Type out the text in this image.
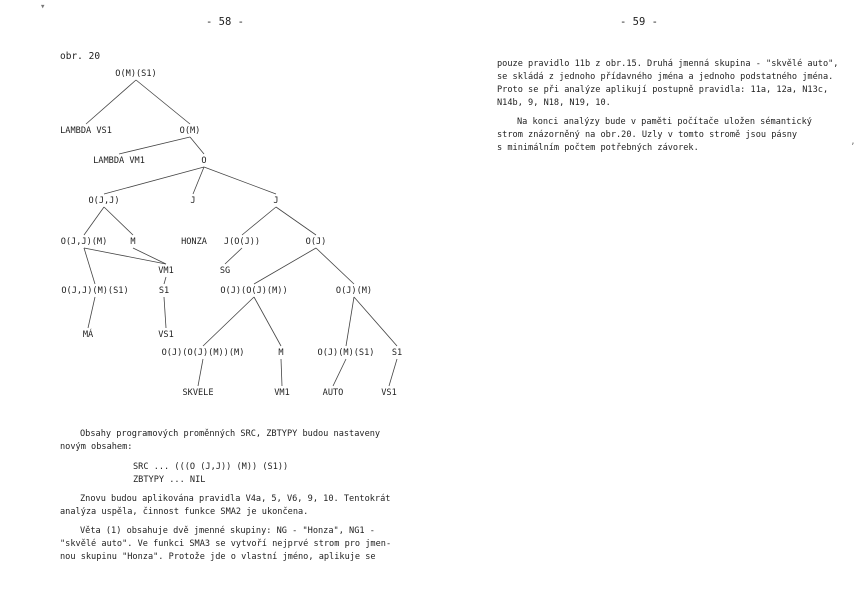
- 58 -
obr. 20
O(M)(S1)
LAMBDA VS1	O(M)
LAMBDA VM1	O
O(J,J)	J	J
O(J,J)(M)	M	HONZA J(O(J))	O(J)
VM1	SG
O(J,J)(M)(S1)	S1	O(J)(O(J)(M))	O(J)(M)
MÁ	VS1
O(J)(O(J)(M))(M)	M	O(J)(M)(S1) S1
SKVELE	VM1	AUTO	VS1
Obsahy programových proměnných SRC, ZBTYPY budou nastaveny
novým obsahem:
SRC ... (((O (J,J)) (M)) (S1))
ZBTYPY ... NIL
Znovu budou aplikována pravidla V4a, 5, V6, 9, 10. Tentokrát
analýza uspěla, činnost funkce SMA2 je ukončena.
Věta (1) obsahuje dvě jmenné skupiny: NG - "Honza", NG1 -
"skvělé auto". Ve funkci SMA3 se vytvoří nejprvé strom pro jmen-
nou skupinu "Honza". Protože jde o vlastní jméno, aplikuje se
▾
- 59 -
pouze pravidlo 11b z obr.15. Druhá jmenná skupina - "skvělé auto",
se skládá z jednoho přídavného jména a jednoho podstatného jména.
Proto se při analýze aplikují postupně pravidla: 11a, 12a, N13c,
N14b, 9, N18, N19, 10.
Na konci analýzy bude v paměti počítače uložen sémantický
strom znázorněný na obr.20. Uzly v tomto stromě jsou pásny
s minimálním počtem potřebných závorek.	ʼ
